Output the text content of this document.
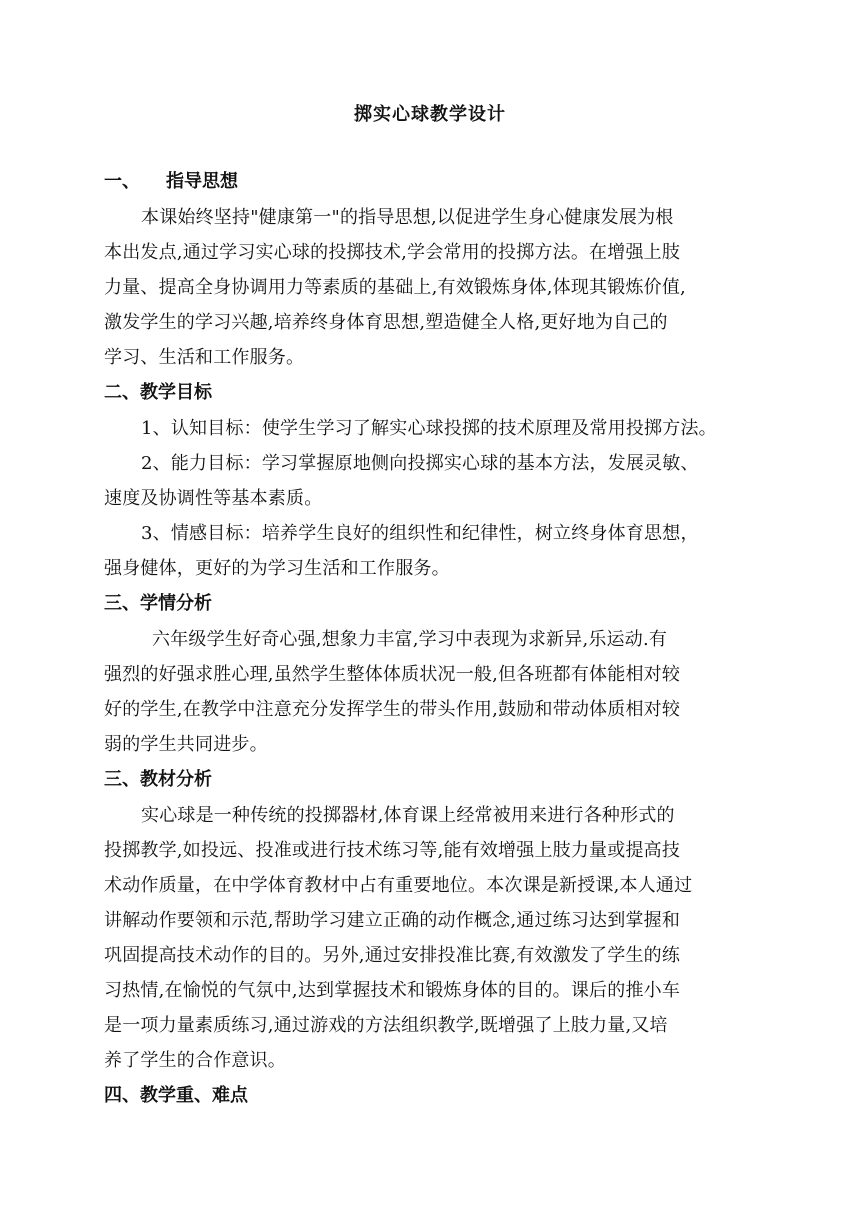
掷实心球教学设计
一、 指导思想
本课始终坚持"健康第一"的指导思想,以促进学生身心健康发展为根
本出发点,通过学习实心球的投掷技术,学会常用的投掷方法。在增强上肢
力量、提高全身协调用力等素质的基础上,有效锻炼身体,体现其锻炼价值,
激发学生的学习兴趣,培养终身体育思想,塑造健全人格,更好地为自己的
学习、生活和工作服务。
二、教学目标
1、认知目标：使学生学习了解实心球投掷的技术原理及常用投掷方法。
2、能力目标：学习掌握原地侧向投掷实心球的基本方法，发展灵敏、
速度及协调性等基本素质。
3、情感目标：培养学生良好的组织性和纪律性，树立终身体育思想，
强身健体，更好的为学习生活和工作服务。
三、学情分析
六年级学生好奇心强,想象力丰富,学习中表现为求新异,乐运动.有
强烈的好强求胜心理,虽然学生整体体质状况一般,但各班都有体能相对较
好的学生,在教学中注意充分发挥学生的带头作用,鼓励和带动体质相对较
弱的学生共同进步。
三、教材分析
实心球是一种传统的投掷器材,体育课上经常被用来进行各种形式的
投掷教学,如投远、投准或进行技术练习等,能有效增强上肢力量或提高技
术动作质量，在中学体育教材中占有重要地位。本次课是新授课,本人通过
讲解动作要领和示范,帮助学习建立正确的动作概念,通过练习达到掌握和
巩固提高技术动作的目的。另外,通过安排投准比赛,有效激发了学生的练
习热情,在愉悦的气氛中,达到掌握技术和锻炼身体的目的。课后的推小车
是一项力量素质练习,通过游戏的方法组织教学,既增强了上肢力量,又培
养了学生的合作意识。
四、教学重、难点
